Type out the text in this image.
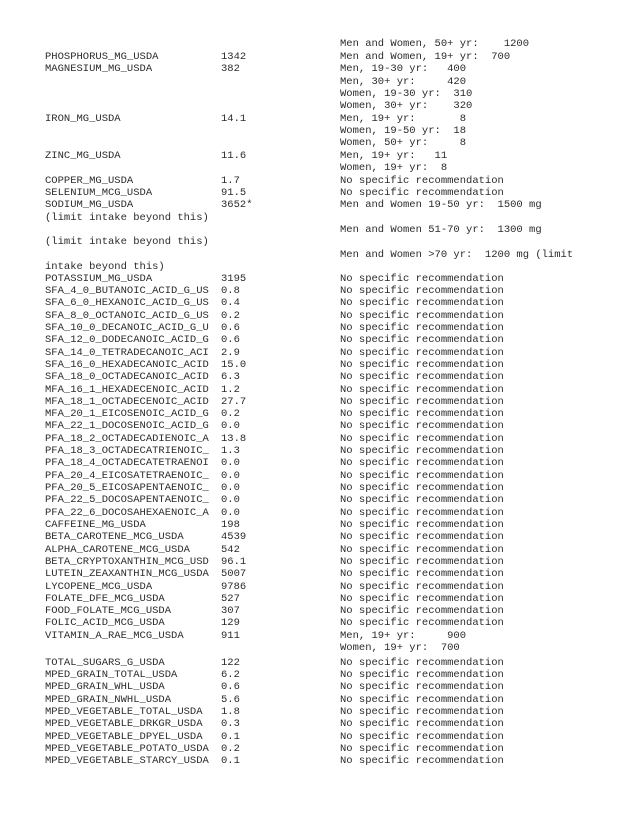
Men and Women, 50+ yr:    1200
PHOSPHORUS_MG_USDA	1342	Men and Women, 19+ yr:  700
MAGNESIUM_MG_USDA	382	Men, 19-30 yr:   400
Men, 30+ yr:     420
Women, 19-30 yr:  310
Women, 30+ yr:    320
IRON_MG_USDA	14.1	Men, 19+ yr:       8
Women, 19-50 yr:  18
Women, 50+ yr:     8
ZINC_MG_USDA	11.6	Men, 19+ yr:   11
Women, 19+ yr:  8
COPPER_MG_USDA	1.7	No specific recommendation
SELENIUM_MCG_USDA	91.5	No specific recommendation
SODIUM_MG_USDA	3652*	Men and Women 19-50 yr:  1500 mg
(limit intake beyond this)
Men and Women 51-70 yr:  1300 mg
(limit intake beyond this)
Men and Women >70 yr:  1200 mg (limit
intake beyond this)
POTASSIUM_MG_USDA	3195	No specific recommendation
SFA_4_0_BUTANOIC_ACID_G_US 0.8	No specific recommendation
SFA_6_0_HEXANOIC_ACID_G_US 0.4	No specific recommendation
SFA_8_0_OCTANOIC_ACID_G_US 0.2	No specific recommendation
SFA_10_0_DECANOIC_ACID_G_U 0.6	No specific recommendation
SFA_12_0_DODECANOIC_ACID_G 0.6	No specific recommendation
SFA_14_0_TETRADECANOIC_ACI 2.9	No specific recommendation
SFA_16_0_HEXADECANOIC_ACID 15.0	No specific recommendation
SFA_18_0_OCTADECANOIC_ACID 6.3	No specific recommendation
MFA_16_1_HEXADECENOIC_ACID 1.2	No specific recommendation
MFA_18_1_OCTADECENOIC_ACID 27.7	No specific recommendation
MFA_20_1_EICOSENOIC_ACID_G 0.2	No specific recommendation
MFA_22_1_DOCOSENOIC_ACID_G 0.0	No specific recommendation
PFA_18_2_OCTADECADIENOIC_A 13.8	No specific recommendation
PFA_18_3_OCTADECATRIENOIC_ 1.3	No specific recommendation
PFA_18_4_OCTADECATETRAENOI 0.0	No specific recommendation
PFA_20_4_EICOSATETRAENOIC_ 0.0	No specific recommendation
PFA_20_5_EICOSAPENTAENOIC_ 0.0	No specific recommendation
PFA_22_5_DOCOSAPENTAENOIC_ 0.0	No specific recommendation
PFA_22_6_DOCOSAHEXAENOIC_A 0.0	No specific recommendation
CAFFEINE_MG_USDA	198	No specific recommendation
BETA_CAROTENE_MCG_USDA	4539	No specific recommendation
ALPHA_CAROTENE_MCG_USDA	542	No specific recommendation
BETA_CRYPTOXANTHIN_MCG_USD 96.1	No specific recommendation
LUTEIN_ZEAXANTHIN_MCG_USDA 5007	No specific recommendation
LYCOPENE_MCG_USDA	9786	No specific recommendation
FOLATE_DFE_MCG_USDA	527	No specific recommendation
FOOD_FOLATE_MCG_USDA	307	No specific recommendation
FOLIC_ACID_MCG_USDA	129	No specific recommendation
VITAMIN_A_RAE_MCG_USDA	911	Men, 19+ yr:     900
Women, 19+ yr:  700
TOTAL_SUGARS_G_USDA	122	No specific recommendation
MPED_GRAIN_TOTAL_USDA	6.2	No specific recommendation
MPED_GRAIN_WHL_USDA	0.6	No specific recommendation
MPED_GRAIN_NWHL_USDA	5.6	No specific recommendation
MPED_VEGETABLE_TOTAL_USDA 1.8	No specific recommendation
MPED_VEGETABLE_DRKGR_USDA 0.3	No specific recommendation
MPED_VEGETABLE_DPYEL_USDA 0.1	No specific recommendation
MPED_VEGETABLE_POTATO_USDA 0.2	No specific recommendation
MPED_VEGETABLE_STARCY_USDA 0.1	No specific recommendation
